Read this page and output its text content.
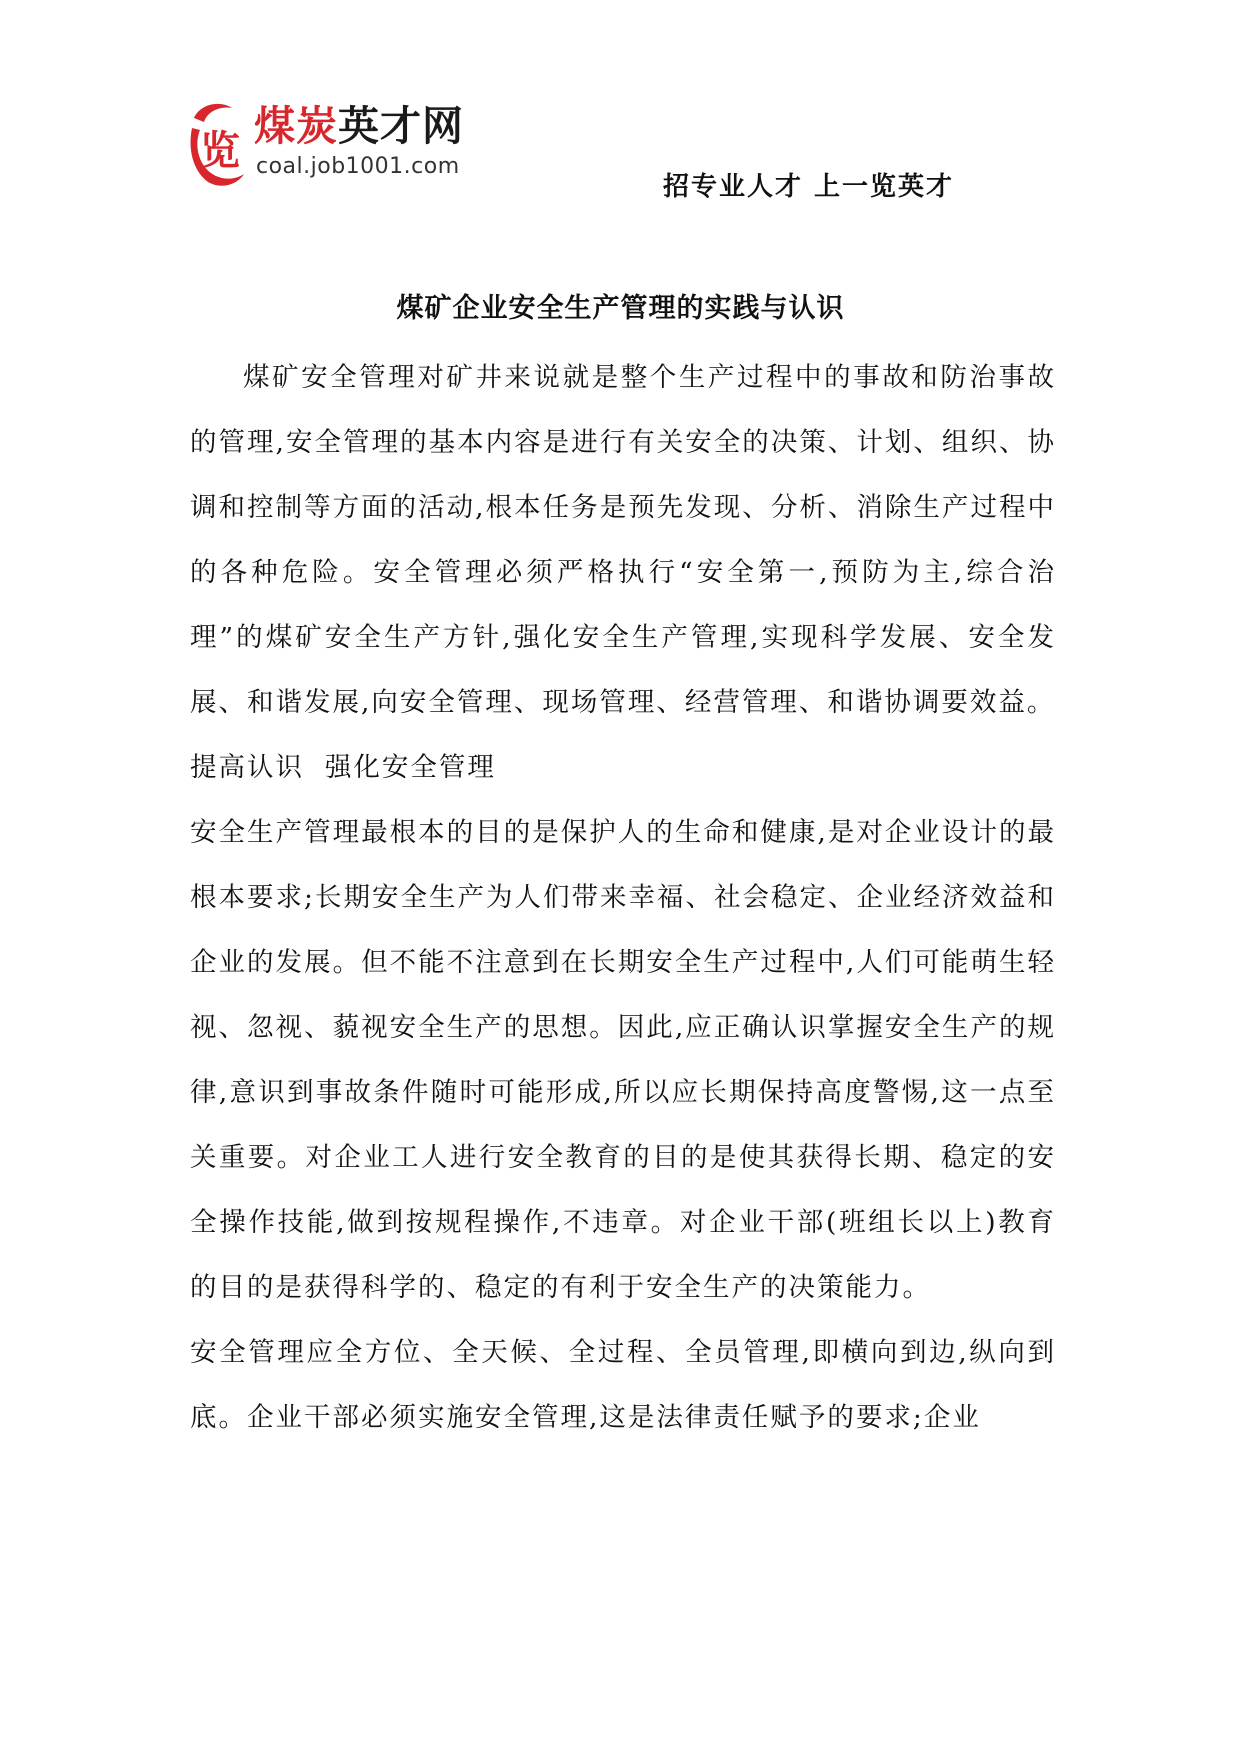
览
煤炭英才网
coal.job1001.com
招专业人才 上一览英才
煤矿企业安全生产管理的实践与认识

煤矿安全管理对矿井来说就是整个生产过程中的事故和防治事故的管理,安全管理的基本内容是进行有关安全的决策、计划、组织、协调和控制等方面的活动,根本任务是预先发现、分析、消除生产过程中的各种危险。安全管理必须严格执行“安全第一,预防为主,综合治理”的煤矿安全生产方针,强化安全生产管理,实现科学发展、安全发展、和谐发展,向安全管理、现场管理、经营管理、和谐协调要效益。

提高认识  强化安全管理

安全生产管理最根本的目的是保护人的生命和健康,是对企业设计的最根本要求;长期安全生产为人们带来幸福、社会稳定、企业经济效益和企业的发展。但不能不注意到在长期安全生产过程中,人们可能萌生轻视、忽视、藐视安全生产的思想。因此,应正确认识掌握安全生产的规律,意识到事故条件随时可能形成,所以应长期保持高度警惕,这一点至关重要。对企业工人进行安全教育的目的是使其获得长期、稳定的安全操作技能,做到按规程操作,不违章。对企业干部(班组长以上)教育的目的是获得科学的、稳定的有利于安全生产的决策能力。

安全管理应全方位、全天候、全过程、全员管理,即横向到边,纵向到底。企业干部必须实施安全管理,这是法律责任赋予的要求;企业
